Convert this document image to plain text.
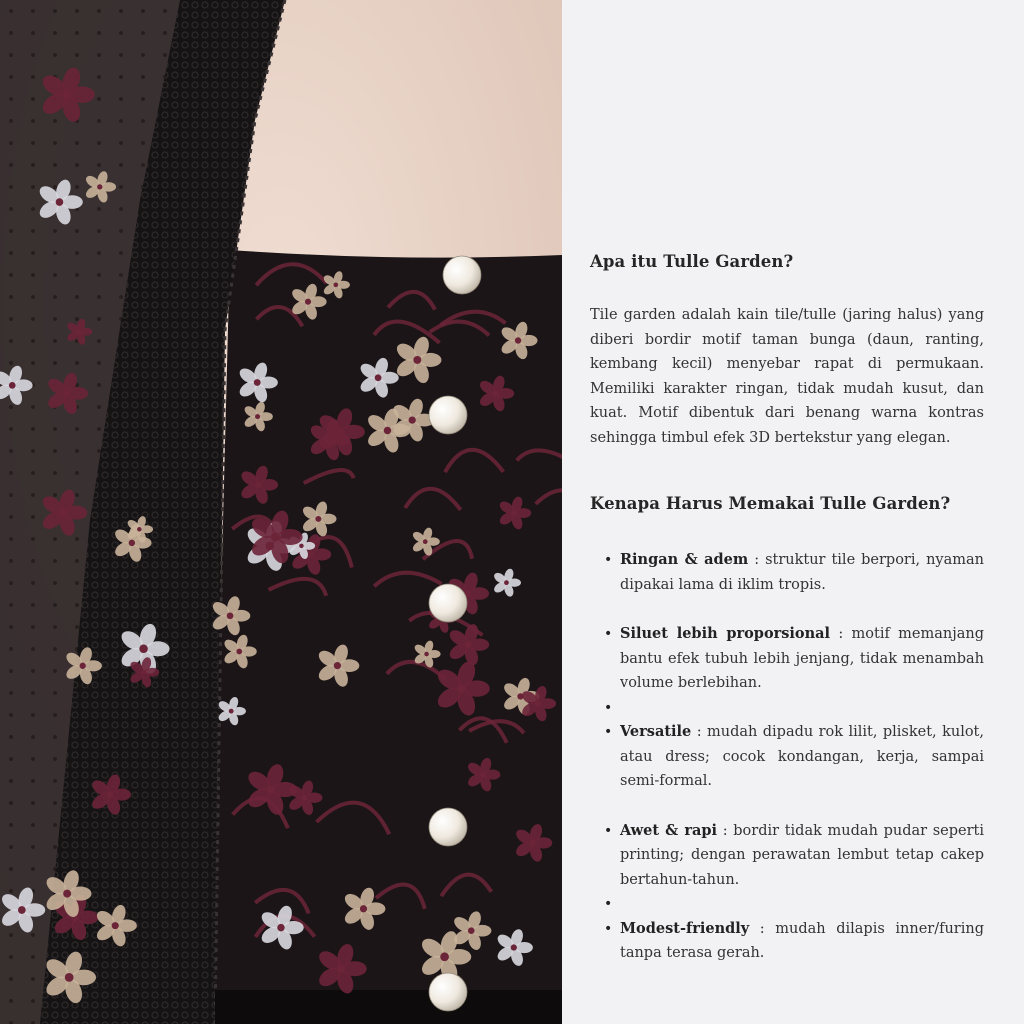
Apa itu Tulle Garden?

Tile garden adalah kain tile/tulle (jaring halus) yang diberi bordir motif taman bunga (daun, ranting, kembang kecil) menyebar rapat di permukaan. Memiliki karakter ringan, tidak mudah kusut, dan kuat. Motif dibentuk dari benang warna kontras sehingga timbul efek 3D bertekstur yang elegan.

Kenapa Harus Memakai Tulle Garden?
• Ringan & adem : struktur tile berpori, nyaman dipakai lama di iklim tropis.
• Siluet lebih proporsional : motif memanjang bantu efek tubuh lebih jenjang, tidak menambah volume berlebihan.
•
• Versatile : mudah dipadu rok lilit, plisket, kulot, atau dress; cocok kondangan, kerja, sampai semi-formal.
• Awet & rapi : bordir tidak mudah pudar seperti printing; dengan perawatan lembut tetap cakep bertahun-tahun.
•
• Modest-friendly : mudah dilapis inner/furing tanpa terasa gerah.
